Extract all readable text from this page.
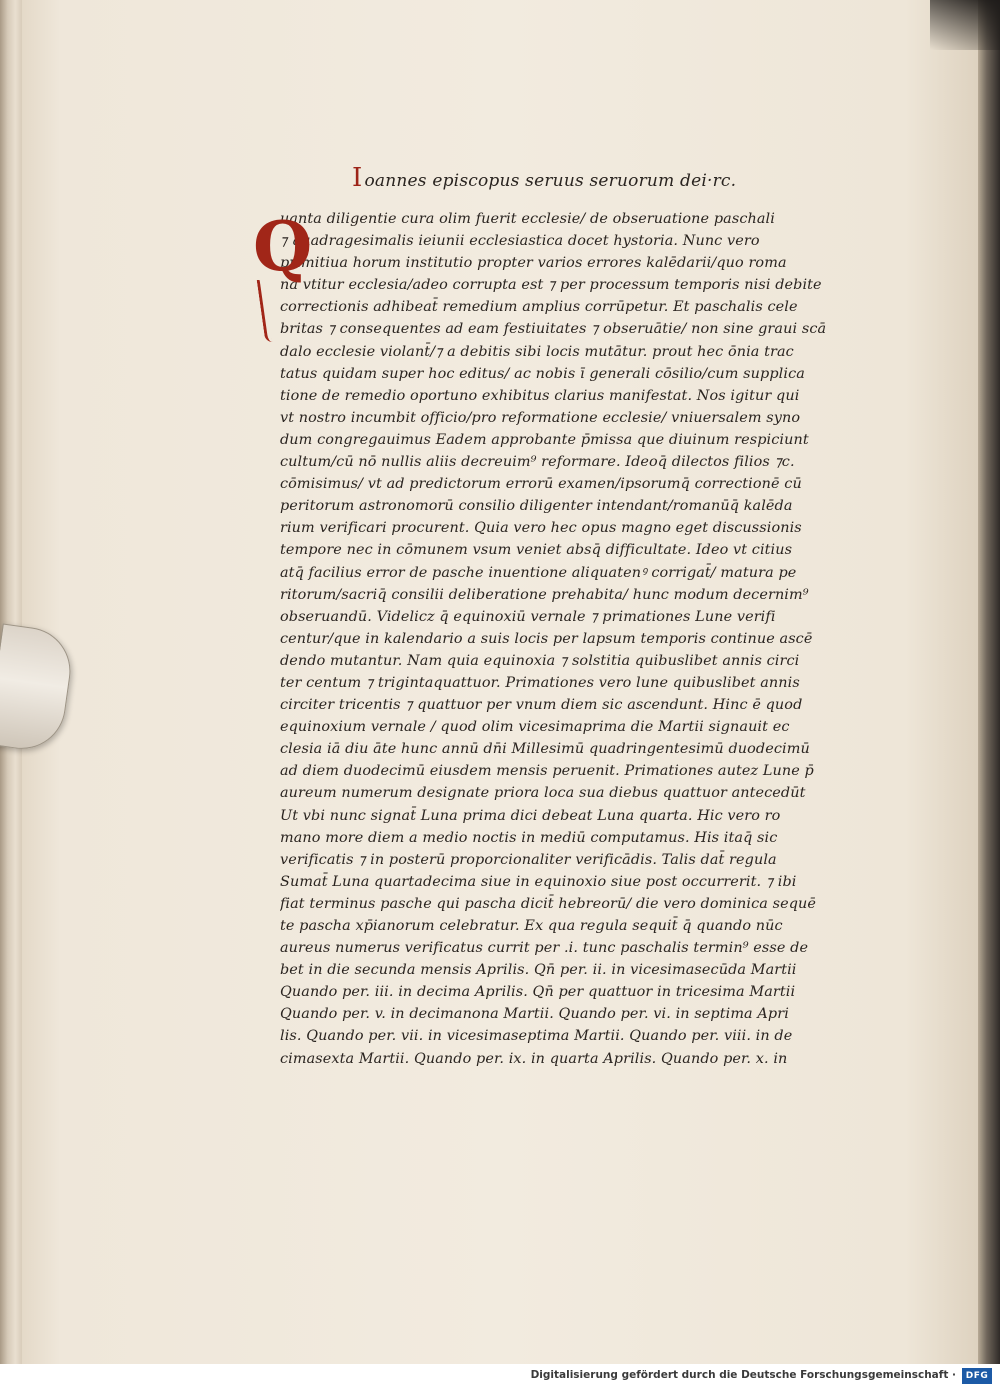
Ioannes episcopus seruus seruorum dei·rc.
Q
uanta diligentie cura olim fuerit ecclesie/ de obseruatione paschali
⁊ quadragesimalis ieiunii ecclesiastica docet hystoria. Nunc vero
primitiua horum institutio propter varios errores kalēdarii/quo roma
na vtitur ecclesia/adeo corrupta est ⁊ per processum temporis nisi debite
correctionis adhibeat̄ remedium amplius corrūpetur. Et paschalis cele
britas ⁊ consequentes ad eam festiuitates ⁊ obseruātie/ non sine graui scā
dalo ecclesie violant̄/⁊ a debitis sibi locis mutātur. prout hec ōnia trac
tatus quidam super hoc editus/ ac nobis ī generali cōsilio/cum supplica
tione de remedio oportuno exhibitus clarius manifestat. Nos igitur qui
vt nostro incumbit officio/pro reformatione ecclesie/ vniuersalem syno
dum congregauimus Eadem approbante p̄missa que diuinum respiciunt
cultum/cū nō nullis aliis decreuim⁹ reformare. Ideoq̄ dilectos filios ⁊c.
cōmisimus/ vt ad predictorum errorū examen/ipsorumq̄ correctionē cū
peritorum astronomorū consilio diligenter intendant/romanūq̄ kalēda
rium verificari procurent. Quia vero hec opus magno eget discussionis
tempore nec in cōmunem vsum veniet absq̄ difficultate. Ideo vt citius
atq̄ facilius error de pasche inuentione aliquatenꝰ corrigat̄/ matura pe
ritorum/sacriq̄ consilii deliberatione prehabita/ hunc modum decernim⁹
obseruandū. Videlicz q̄ equinoxiū vernale ⁊ primationes Lune verifi
centur/que in kalendario a suis locis per lapsum temporis continue ascē
dendo mutantur. Nam quia equinoxia ⁊ solstitia quibuslibet annis circi
ter centum ⁊ trigintaquattuor. Primationes vero lune quibuslibet annis
circiter tricentis ⁊ quattuor per vnum diem sic ascendunt. Hinc ē quod
equinoxium vernale / quod olim vicesimaprima die Martii signauit ec
clesia iā diu āte hunc annū dn̄i Millesimū quadringentesimū duodecimū
ad diem duodecimū eiusdem mensis peruenit. Primationes autez Lune p̄
aureum numerum designate priora loca sua diebus quattuor antecedūt
Ut vbi nunc signat̄ Luna prima dici debeat Luna quarta. Hic vero ro
mano more diem a medio noctis in mediū computamus. His itaq̄ sic
verificatis ⁊ in posterū proporcionaliter verificādis. Talis dat̄ regula
Sumat̄ Luna quartadecima siue in equinoxio siue post occurrerit. ⁊ ibi
fiat terminus pasche qui pascha dicit̄ hebreorū/ die vero dominica sequē
te pascha xp̄ianorum celebratur. Ex qua regula sequit̄ q̄ quando nūc
aureus numerus verificatus currit per .i. tunc paschalis termin⁹ esse de
bet in die secunda mensis Aprilis. Qn̄ per. ii. in vicesimasecūda Martii
Quando per. iii. in decima Aprilis. Qn̄ per quattuor in tricesima Martii
Quando per. v. in decimanona Martii. Quando per. vi. in septima Apri
lis. Quando per. vii. in vicesimaseptima Martii. Quando per. viii. in de
cimasexta Martii. Quando per. ix. in quarta Aprilis. Quando per. x. in
Digitalisierung gefördert durch die Deutsche Forschungsgemeinschaft ·	DFG
